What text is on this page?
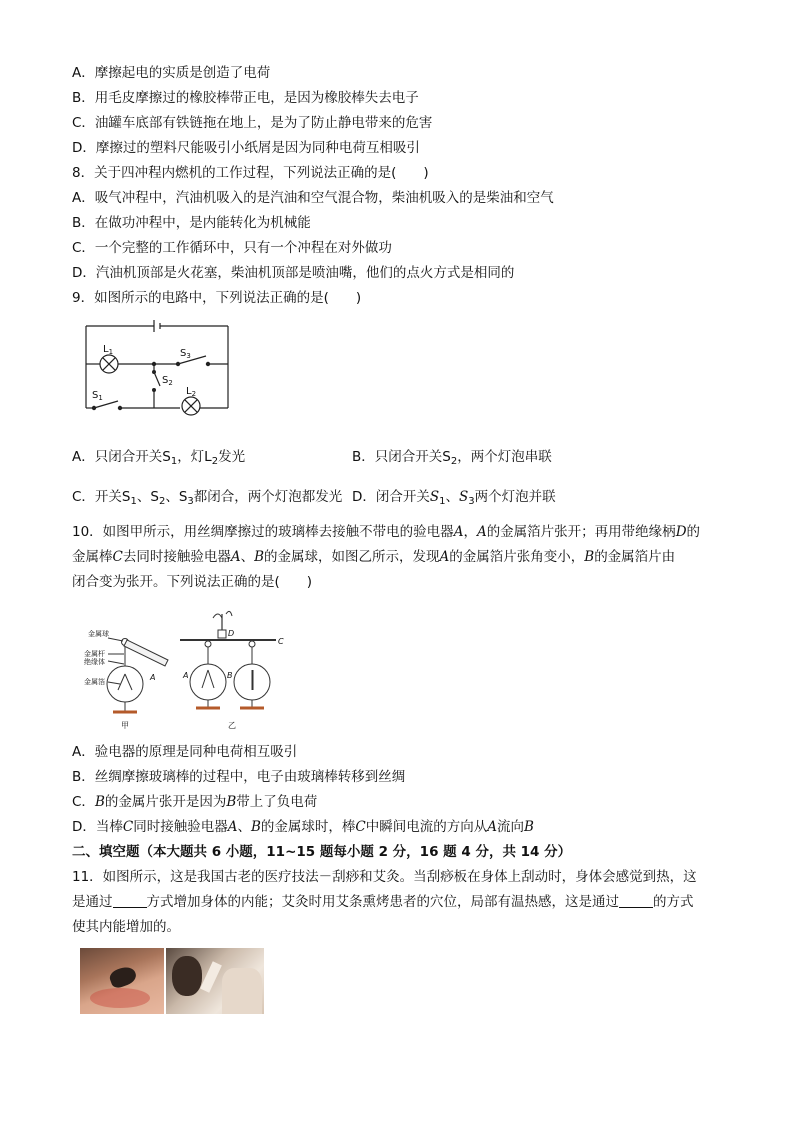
A．摩擦起电的实质是创造了电荷
B．用毛皮摩擦过的橡胶棒带正电，是因为橡胶棒失去电子
C．油罐车底部有铁链拖在地上，是为了防止静电带来的危害
D．摩擦过的塑料尺能吸引小纸屑是因为同种电荷互相吸引
8．关于四冲程内燃机的工作过程，下列说法正确的是(　　)
A．吸气冲程中，汽油机吸入的是汽油和空气混合物，柴油机吸入的是柴油和空气
B．在做功冲程中，是内能转化为机械能
C．一个完整的工作循环中，只有一个冲程在对外做功
D．汽油机顶部是火花塞，柴油机顶部是喷油嘴，他们的点火方式是相同的
9．如图所示的电路中，下列说法正确的是(　　)
$L_1$	$S_3$
$S_2$
$L_2$
$S_1$
A．只闭合开关$S_1$，灯$L_2$发光	B．只闭合开关$S_2$，两个灯泡串联
C．开关$S_1$、$S_2$、$S_3$都闭合，两个灯泡都发光 D．闭合开关$S_1$、$S_3$两个灯泡并联
10．如图甲所示，用丝绸摩擦过的玻璃棒去接触不带电的验电器A，A的金属箔片张开；再用带绝缘柄D的
金属棒C去同时接触验电器A、B的金属球，如图乙所示，发现A的金属箔片张角变小，B的金属箔片由
闭合变为张开。下列说法正确的是(　　)
金属球
金属杆
绝缘体
金属箔	A	A	B
C
D
甲	乙
A．验电器的原理是同种电荷相互吸引
B．丝绸摩擦玻璃棒的过程中，电子由玻璃棒转移到丝绸
C．B的金属片张开是因为B带上了负电荷
D．当棒C同时接触验电器A、B的金属球时，棒C中瞬间电流的方向从A流向B
二、填空题（本大题共 6 小题，11~15 题每小题 2 分，16 题 4 分，共 14 分）
11．如图所示，这是我国古老的医疗技法－刮痧和艾灸。当刮痧板在身体上刮动时，身体会感觉到热，这
是通过	方式增加身体的内能；艾灸时用艾条熏烤患者的穴位，局部有温热感，这是通过	的方式
使其内能增加的。
